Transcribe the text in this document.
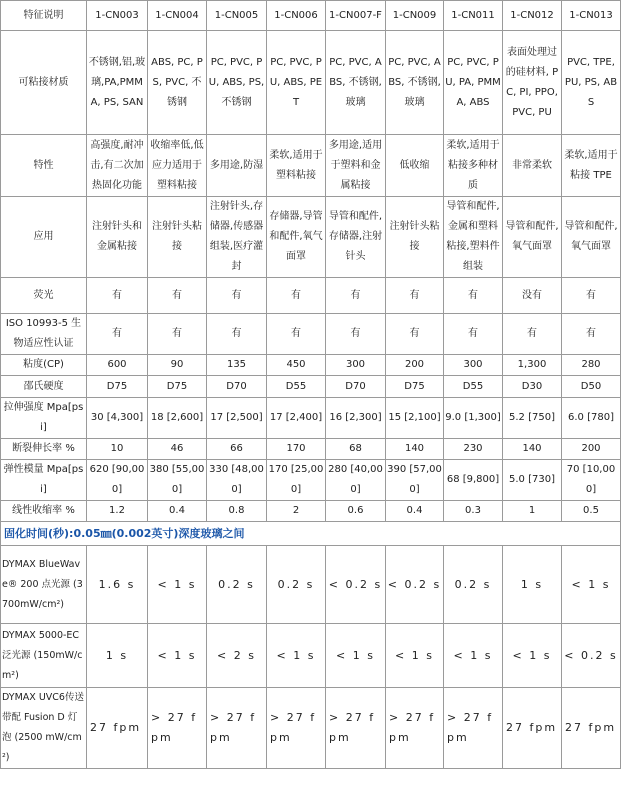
特征说明	1-CN003	1-CN004	1-CN005	1-CN006	1-CN007-F	1-CN009	1-CN011	1-CN012	1-CN013
可粘接材质	不锈钢,铝,玻璃,PA,PMMA, PS, SAN	ABS, PC, PS, PVC, 不锈钢	PC, PVC, PU, ABS, PS,不锈钢	PC, PVC, PU, ABS, PET	PC, PVC, ABS, 不锈钢, 玻璃	PC, PVC, ABS, 不锈钢,玻璃	PC, PVC, PU, PA, PMMA, ABS	表面处理过的硅材料, PC, PI, PPO, PVC, PU	PVC, TPE, PU, PS, ABS
特性	高强度,耐冲击,有二次加热固化功能	收缩率低,低应力适用于塑料粘接	多用途,防湿	柔软,适用于塑料粘接	多用途,适用于塑料和金属粘接	低收缩	柔软,适用于粘接多种材质	非常柔软	柔软,适用于粘接 TPE
应用	注射针头和金属粘接	注射针头粘接	注射针头,存储器,传感器组装,医疗灌封	存储器,导管和配件,氧气面罩	导管和配件,存储器,注射针头	注射针头粘接	导管和配件,金属和塑料粘接,塑料件组装	导管和配件,氧气面罩	导管和配件,氧气面罩
荧光	有	有	有	有	有	有	有	没有	有
ISO 10993-5 生物适应性认证	有	有	有	有	有	有	有	有	有
粘度(CP)	600	90	135	450	300	200	300	1,300	280
邵氏硬度	D75	D75	D70	D55	D70	D75	D55	D30	D50
拉伸强度 Mpa[psi]	30 [4,300]	18 [2,600]	17 [2,500]	17 [2,400]	16 [2,300]	15 [2,100]	9.0 [1,300]	5.2 [750]	6.0 [780]
断裂伸长率 %	10	46	66	170	68	140	230	140	200
弹性模量 Mpa[psi]	620 [90,000]	380 [55,000]	330 [48,000]	170 [25,000]	280 [40,000]	390 [57,000]	68 [9,800]	5.0 [730]	70 [10,000]
线性收缩率 %	1.2	0.4	0.8	2	0.6	0.4	0.3	1	0.5
固化时间(秒):0.05㎜(0.002英寸)深度玻璃之间									
DYMAX BlueWave® 200 点光源 (3700mW/cm²)	1.6 s	< 1 s	0.2 s	0.2 s	< 0.2 s	< 0.2 s	0.2 s	1 s	< 1 s
DYMAX 5000-EC 泛光源 (150mW/cm²)	1 s	< 1 s	< 2 s	< 1 s	< 1 s	< 1 s	< 1 s	< 1 s	< 0.2 s
DYMAX UVC6传送带配 Fusion D 灯泡 (2500 mW/cm²)	27 fpm	> 27 fpm	> 27 fpm	> 27 fpm	> 27 fpm	> 27 fpm	> 27 fpm	27 fpm	27 fpm
